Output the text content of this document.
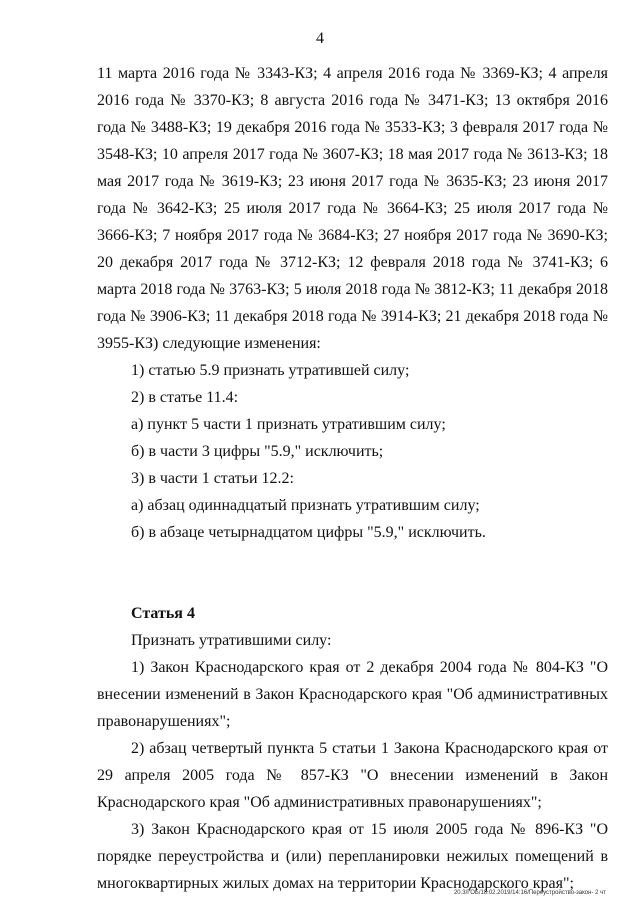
4

11 марта 2016 года № 3343-КЗ; 4 апреля 2016 года № 3369-КЗ; 4 апреля 2016 года № 3370-КЗ; 8 августа 2016 года № 3471-КЗ; 13 октября 2016 года № 3488-КЗ; 19 декабря 2016 года № 3533-КЗ; 3 февраля 2017 года № 3548-КЗ; 10 апреля 2017 года № 3607-КЗ; 18 мая 2017 года № 3613-КЗ; 18 мая 2017 года № 3619-КЗ; 23 июня 2017 года № 3635-КЗ; 23 июня 2017 года № 3642-КЗ; 25 июля 2017 года № 3664-КЗ; 25 июля 2017 года № 3666-КЗ; 7 ноября 2017 года № 3684-КЗ; 27 ноября 2017 года № 3690-КЗ; 20 декабря 2017 года № 3712-КЗ; 12 февраля 2018 года № 3741-КЗ; 6 марта 2018 года № 3763-КЗ; 5 июля 2018 года № 3812-КЗ; 11 декабря 2018 года № 3906-КЗ; 11 декабря 2018 года № 3914-КЗ; 21 декабря 2018 года № 3955-КЗ) следующие изменения:

1) статью 5.9 признать утратившей силу;

2) в статье 11.4:

а) пункт 5 части 1 признать утратившим силу;

б) в части 3 цифры "5.9," исключить;

3) в части 1 статьи 12.2:

а) абзац одиннадцатый признать утратившим силу;

б) в абзаце четырнадцатом цифры "5.9," исключить.

Статья 4

Признать утратившими силу:

1) Закон Краснодарского края от 2 декабря 2004 года № 804-КЗ "О внесении изменений в Закон Краснодарского края "Об административных правонарушениях";

2) абзац четвертый пункта 5 статьи 1 Закона Краснодарского края от 29 апреля 2005 года № 857-КЗ "О внесении изменений в Закон Краснодарского края "Об административных правонарушениях";

3) Закон Краснодарского края от 15 июля 2005 года № 896-КЗ "О порядке переустройства и (или) перепланировки нежилых помещений в многоквартирных жилых домах на территории Краснодарского края";

20.3/ГОБ/18.02.2019/14:16/Переустройство-закон- 2 чт
